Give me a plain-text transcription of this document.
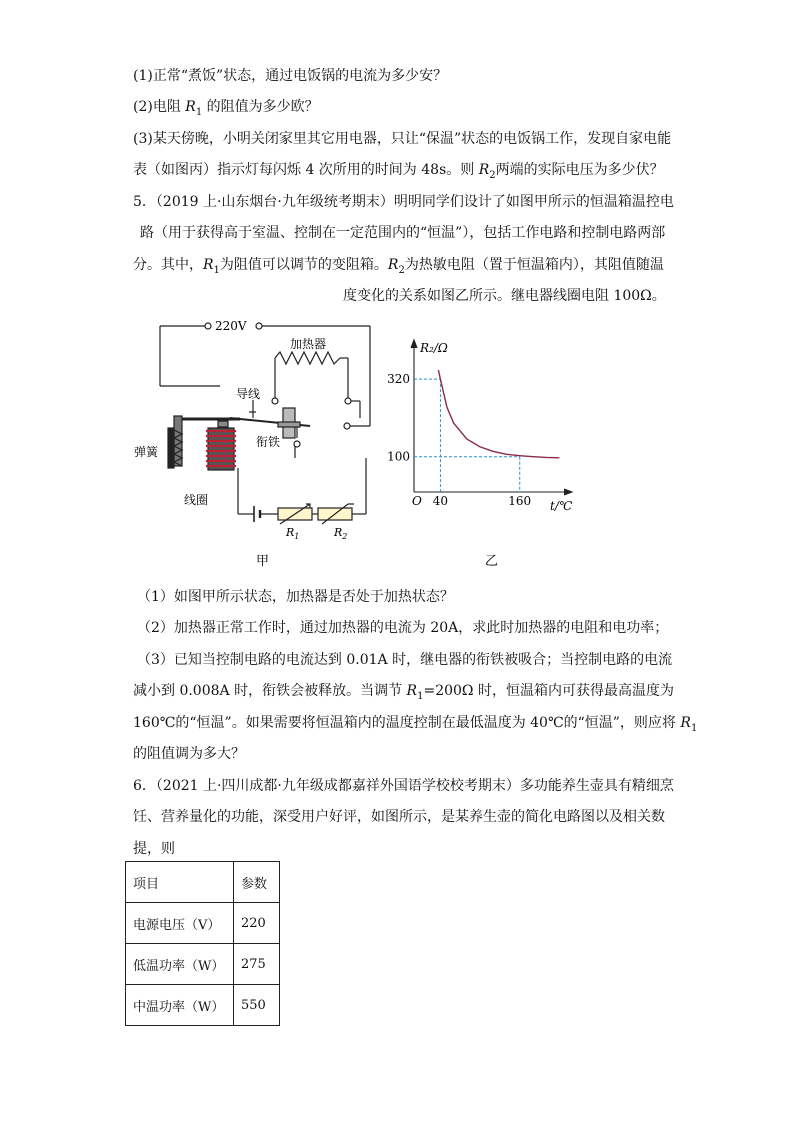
(1)正常“煮饭”状态，通过电饭锅的电流为多少安？
(2)电阻 $R_1$ 的阻值为多少欧？
(3)某天傍晚，小明关闭家里其它用电器，只让“保温”状态的电饭锅工作，发现自家电能
表（如图丙）指示灯每闪烁 4 次所用的时间为 48s。则 $R_2$两端的实际电压为多少伏？
5．（2019 上·山东烟台·九年级统考期末）明明同学们设计了如图甲所示的恒温箱温控电
路（用于获得高于室温、控制在一定范围内的“恒温”），包括工作电路和控制电路两部
分。其中，$R_1$为阻值可以调节的变阻箱。$R_2$为热敏电阻（置于恒温箱内），其阻值随温
度变化的关系如图乙所示。继电器线圈电阻 100Ω。
220V
加热器
导线
衔铁
弹簧
线圈
$R_1$	$R_2$
甲
100
320
40	160
R₂/Ω
t/℃
O
乙
（1）如图甲所示状态，加热器是否处于加热状态？
（2）加热器正常工作时，通过加热器的电流为 20A，求此时加热器的电阻和电功率；
（3）已知当控制电路的电流达到 0.01A 时，继电器的衔铁被吸合；当控制电路的电流
减小到 0.008A 时，衔铁会被释放。当调节 $R_1=200\Omega$ 时，恒温箱内可获得最高温度为
160℃的“恒温”。如果需要将恒温箱内的温度控制在最低温度为 40℃的“恒温”，则应将 $R_1$
的阻值调为多大？
6．（2021 上·四川成都·九年级成都嘉祥外国语学校校考期末）多功能养生壶具有精细烹
饪、营养量化的功能，深受用户好评，如图所示，是某养生壶的简化电路图以及相关数
提，则
项目	参数
电源电压（V）	220
低温功率（W）	275
中温功率（W）	550
